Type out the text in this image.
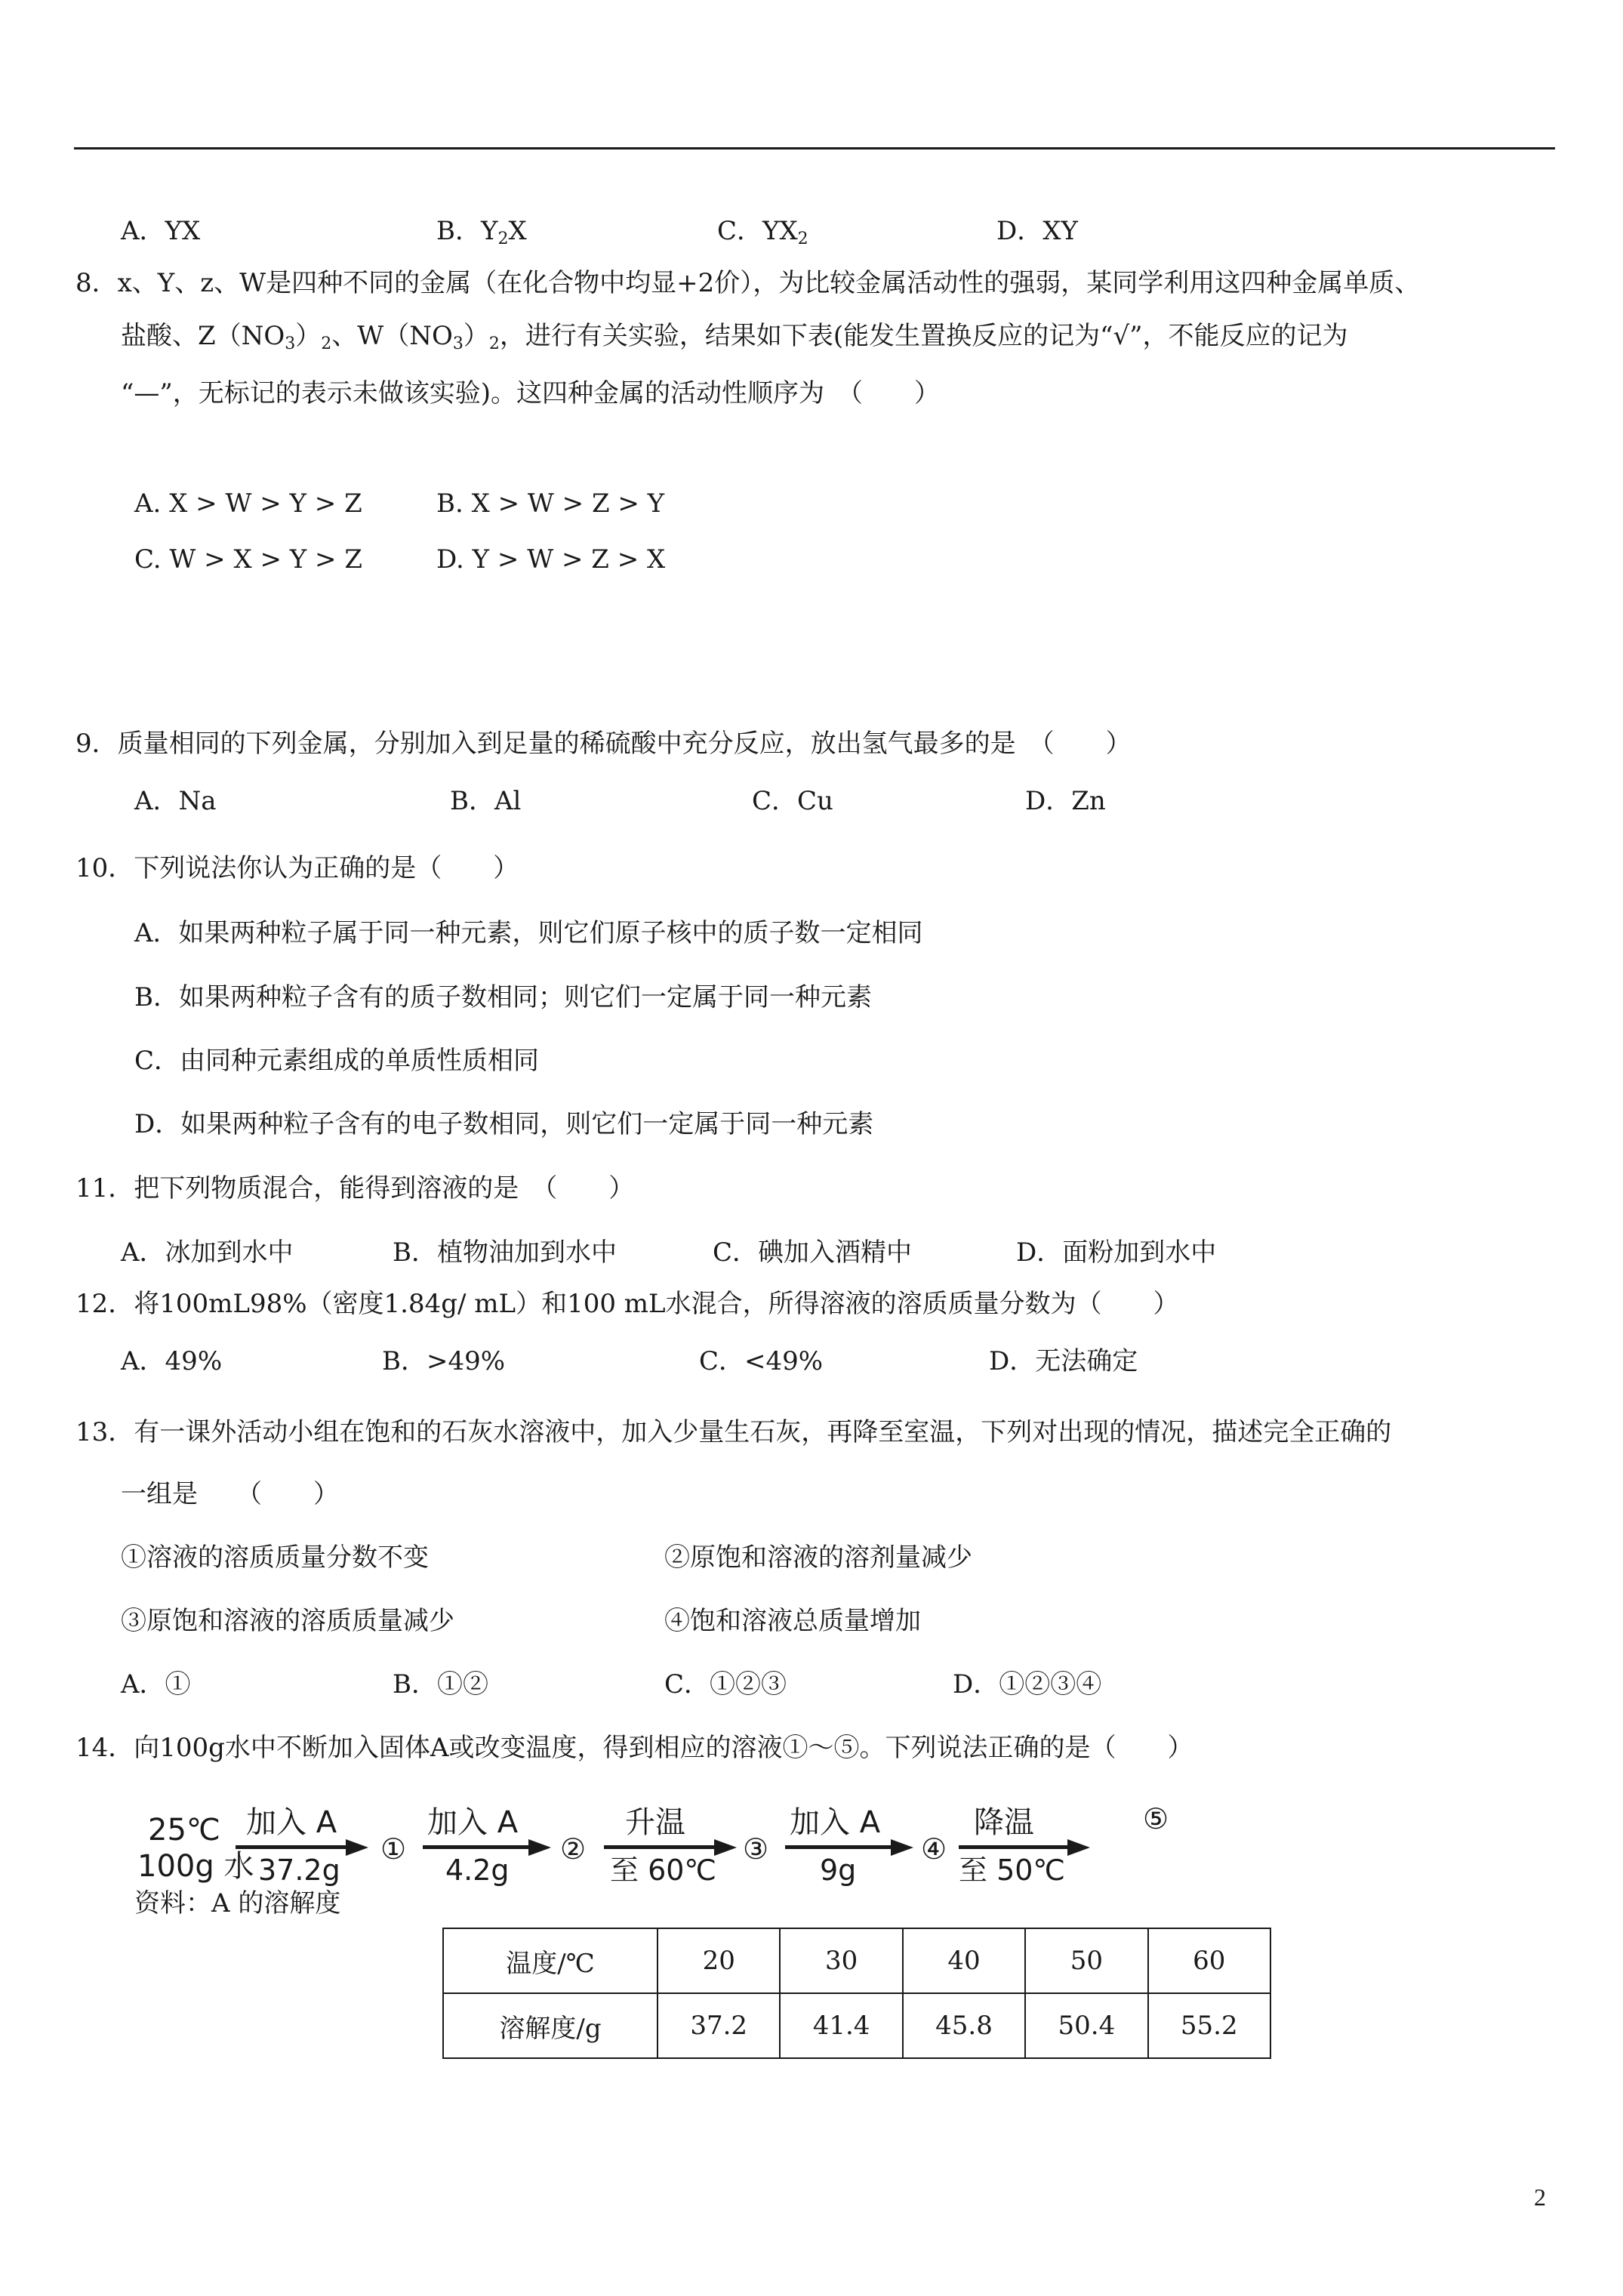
A．YX	B．$Y_2X$	C．$YX_2$	D．XY
8．x、Y、z、W是四种不同的金属（在化合物中均显+2价），为比较金属活动性的强弱，某同学利用这四种金属单质、
盐酸、$Z(NO_3)_2$、$W(NO_3)_2$，进行有关实验，结果如下表(能发生置换反应的记为“√”，不能反应的记为
“—”，无标记的表示未做该实验)。这四种金属的活动性顺序为　（　　）
A. X > W > Y > Z	B. X > W > Z > Y
C. W > X > Y > Z	D. Y > W > Z > X
9．质量相同的下列金属，分别加入到足量的稀硫酸中充分反应，放出氢气最多的是　（　　）
A．Na	B．Al	C．Cu	D．Zn
10．下列说法你认为正确的是（　　）
A．如果两种粒子属于同一种元素，则它们原子核中的质子数一定相同
B．如果两种粒子含有的质子数相同；则它们一定属于同一种元素
C．由同种元素组成的单质性质相同
D．如果两种粒子含有的电子数相同，则它们一定属于同一种元素
11．把下列物质混合，能得到溶液的是　（　　）
A．冰加到水中	B．植物油加到水中	C．碘加入酒精中	D．面粉加到水中
12．将100mL98%（密度1.84g/ mL）和100 mL水混合，所得溶液的溶质质量分数为（　　）
A．49%	B．>49%	C．<49%	D．无法确定
13．有一课外活动小组在饱和的石灰水溶液中，加入少量生石灰，再降至室温，下列对出现的情况，描述完全正确的
一组是　　（　　）
①溶液的溶质质量分数不变	②原饱和溶液的溶剂量减少
③原饱和溶液的溶质质量减少	④饱和溶液总质量增加
A．①	B．①②	C．①②③	D．①②③④
14．向100g水中不断加入固体A或改变温度，得到相应的溶液①～⑤。下列说法正确的是（　　）
25℃
100g 水
加入 A
37.2g
①
加入 A
4.2g
②
升温
至 60℃
③
加入 A
9g
④
降温
至 50℃
⑤
资料：A 的溶解度
温度/℃	20	30	40	50	60
溶解度/g	37.2	41.4	45.8	50.4	55.2
2
